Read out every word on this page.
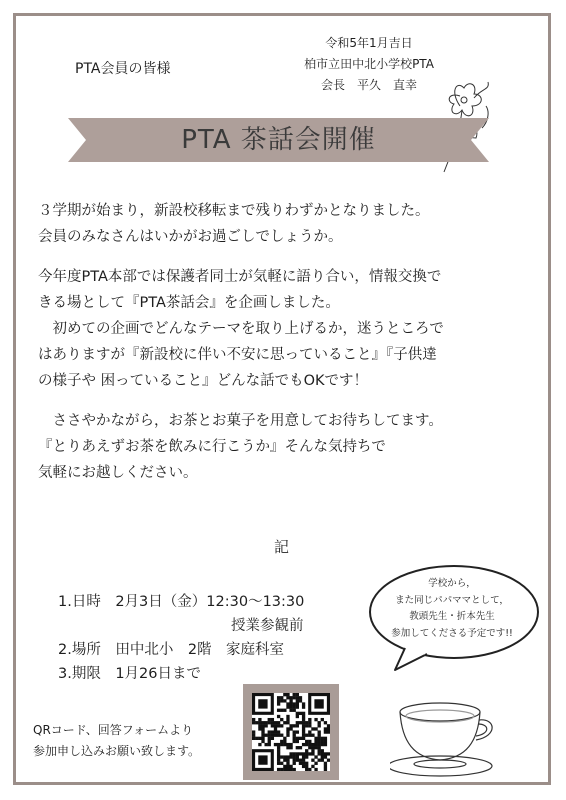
PTA会員の皆様
令和5年1月吉日
柏市立田中北小学校PTA
会長　平久　直幸
PTA 茶話会開催

３学期が始まり，新設校移転まで残りわずかとなりました。

会員のみなさんはいかがお過ごしでしょうか。

今年度PTA本部では保護者同士が気軽に語り合い，情報交換で

きる場として『PTA茶話会』を企画しました。

　初めての企画でどんなテーマを取り上げるか，迷うところで

はありますが『新設校に伴い不安に思っていること』『子供達

の様子や 困っていること』どんな話でもOKです！

　ささやかながら，お茶とお菓子を用意してお待ちしてます。

『とりあえずお茶を飲みに行こうか』そんな気持ちで

気軽にお越しください。

記
1.日時　2月3日（金）12:30～13:30
授業参観前
2.場所　田中北小　2階　家庭科室
3.期限　1月26日まで
学校から，
また同じパパママとして，
教頭先生・折本先生
参加してくださる予定です!!
QRコード、回答フォームより
参加申し込みお願い致します。
